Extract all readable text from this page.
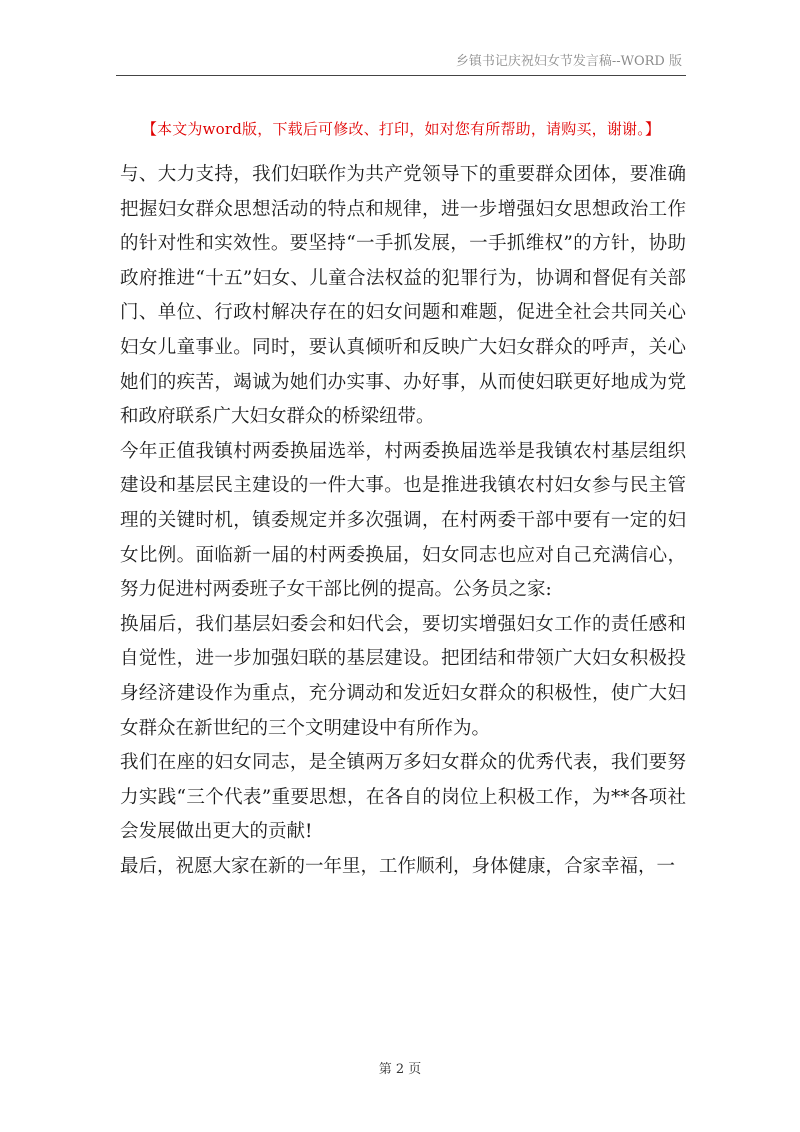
乡镇书记庆祝妇女节发言稿--WORD 版
【本文为word版，下载后可修改、打印，如对您有所帮助，请购买，谢谢。】

与、大力支持，我们妇联作为共产党领导下的重要群众团体，要准确把握妇女群众思想活动的特点和规律，进一步增强妇女思想政治工作的针对性和实效性。要坚持“一手抓发展，一手抓维权”的方针，协助政府推进“十五”妇女、儿童合法权益的犯罪行为，协调和督促有关部门、单位、行政村解决存在的妇女问题和难题，促进全社会共同关心妇女儿童事业。同时，要认真倾听和反映广大妇女群众的呼声，关心她们的疾苦，竭诚为她们办实事、办好事，从而使妇联更好地成为党和政府联系广大妇女群众的桥梁纽带。

今年正值我镇村两委换届选举，村两委换届选举是我镇农村基层组织建设和基层民主建设的一件大事。也是推进我镇农村妇女参与民主管理的关键时机，镇委规定并多次强调，在村两委干部中要有一定的妇女比例。面临新一届的村两委换届，妇女同志也应对自己充满信心，努力促进村两委班子女干部比例的提高。公务员之家:

换届后，我们基层妇委会和妇代会，要切实增强妇女工作的责任感和自觉性，进一步加强妇联的基层建设。把团结和带领广大妇女积极投身经济建设作为重点，充分调动和发近妇女群众的积极性，使广大妇女群众在新世纪的三个文明建设中有所作为。

我们在座的妇女同志，是全镇两万多妇女群众的优秀代表，我们要努力实践“三个代表”重要思想，在各自的岗位上积极工作，为**各项社会发展做出更大的贡献!

最后，祝愿大家在新的一年里，工作顺利，身体健康，合家幸福，一

第 2 页
